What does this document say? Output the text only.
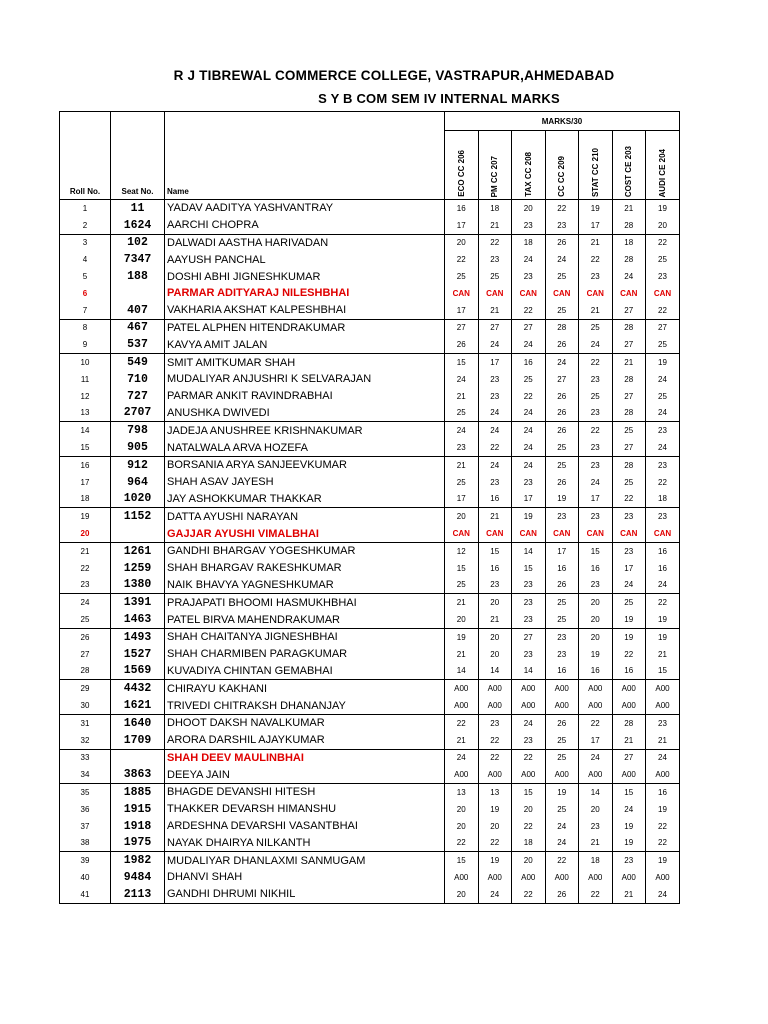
R J TIBREWAL COMMERCE COLLEGE, VASTRAPUR,AHMEDABAD
S Y B COM SEM IV INTERNAL MARKS
Roll No.	Seat No.	Name	MARKS/30						
			ECO CC 206	PM CC 207	TAX CC 208	CC CC 209	STAT CC 210	COST CE 203	AUDI CE 204
1	11	YADAV AADITYA YASHVANTRAY	16	18	20	22	19	21	19
2	1624	AARCHI CHOPRA	17	21	23	23	17	28	20
3	102	DALWADI AASTHA HARIVADAN	20	22	18	26	21	18	22
4	7347	AAYUSH PANCHAL	22	23	24	24	22	28	25
5	188	DOSHI ABHI JIGNESHKUMAR	25	25	23	25	23	24	23
6		PARMAR ADITYARAJ NILESHBHAI	CAN	CAN	CAN	CAN	CAN	CAN	CAN
7	407	VAKHARIA AKSHAT KALPESHBHAI	17	21	22	25	21	27	22
8	467	PATEL ALPHEN HITENDRAKUMAR	27	27	27	28	25	28	27
9	537	KAVYA AMIT JALAN	26	24	24	26	24	27	25
10	549	SMIT AMITKUMAR SHAH	15	17	16	24	22	21	19
11	710	MUDALIYAR ANJUSHRI K SELVARAJAN	24	23	25	27	23	28	24
12	727	PARMAR ANKIT RAVINDRABHAI	21	23	22	26	25	27	25
13	2707	ANUSHKA DWIVEDI	25	24	24	26	23	28	24
14	798	JADEJA ANUSHREE KRISHNAKUMAR	24	24	24	26	22	25	23
15	905	NATALWALA ARVA HOZEFA	23	22	24	25	23	27	24
16	912	BORSANIA ARYA SANJEEVKUMAR	21	24	24	25	23	28	23
17	964	SHAH ASAV JAYESH	25	23	23	26	24	25	22
18	1020	JAY ASHOKKUMAR THAKKAR	17	16	17	19	17	22	18
19	1152	DATTA AYUSHI NARAYAN	20	21	19	23	23	23	23
20		GAJJAR AYUSHI VIMALBHAI	CAN	CAN	CAN	CAN	CAN	CAN	CAN
21	1261	GANDHI BHARGAV YOGESHKUMAR	12	15	14	17	15	23	16
22	1259	SHAH BHARGAV RAKESHKUMAR	15	16	15	16	16	17	16
23	1380	NAIK BHAVYA YAGNESHKUMAR	25	23	23	26	23	24	24
24	1391	PRAJAPATI BHOOMI HASMUKHBHAI	21	20	23	25	20	25	22
25	1463	PATEL BIRVA MAHENDRAKUMAR	20	21	23	25	20	19	19
26	1493	SHAH CHAITANYA JIGNESHBHAI	19	20	27	23	20	19	19
27	1527	SHAH CHARMIBEN PARAGKUMAR	21	20	23	23	19	22	21
28	1569	KUVADIYA CHINTAN GEMABHAI	14	14	14	16	16	16	15
29	4432	CHIRAYU KAKHANI	A00	A00	A00	A00	A00	A00	A00
30	1621	TRIVEDI CHITRAKSH DHANANJAY	A00	A00	A00	A00	A00	A00	A00
31	1640	DHOOT DAKSH NAVALKUMAR	22	23	24	26	22	28	23
32	1709	ARORA DARSHIL AJAYKUMAR	21	22	23	25	17	21	21
33		SHAH DEEV MAULINBHAI	24	22	22	25	24	27	24
34	3863	DEEYA JAIN	A00	A00	A00	A00	A00	A00	A00
35	1885	BHAGDE DEVANSHI HITESH	13	13	15	19	14	15	16
36	1915	THAKKER DEVARSH HIMANSHU	20	19	20	25	20	24	19
37	1918	ARDESHNA DEVARSHI VASANTBHAI	20	20	22	24	23	19	22
38	1975	NAYAK DHAIRYA NILKANTH	22	22	18	24	21	19	22
39	1982	MUDALIYAR DHANLAXMI SANMUGAM	15	19	20	22	18	23	19
40	9484	DHANVI SHAH	A00	A00	A00	A00	A00	A00	A00
41	2113	GANDHI DHRUMI NIKHIL	20	24	22	26	22	21	24
